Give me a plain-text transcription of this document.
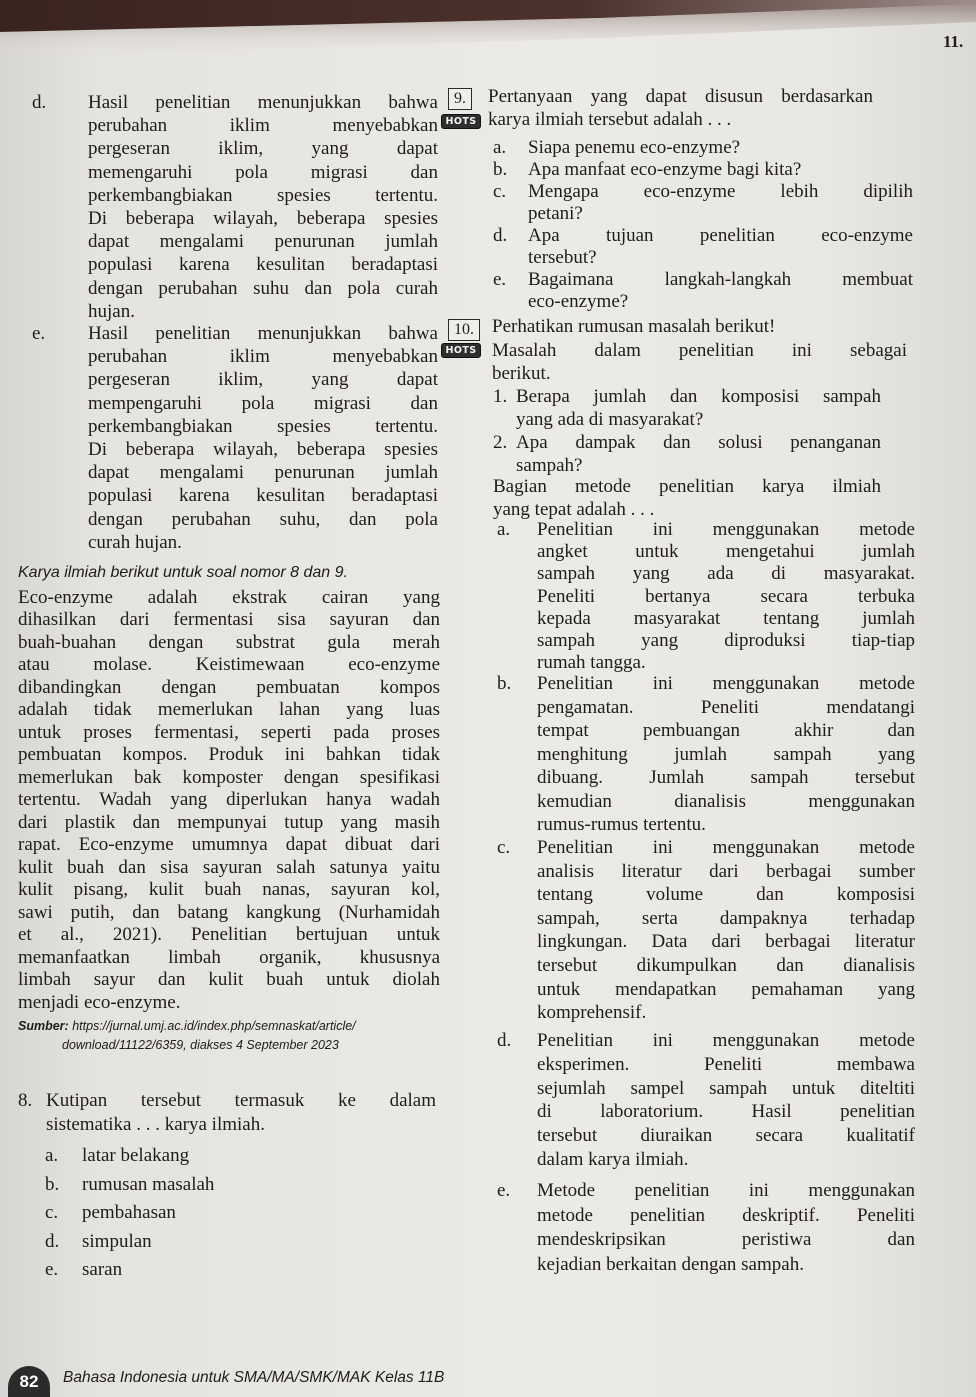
d. Hasil penelitian menunjukkan bahwa
perubahan iklim menyebabkan
pergeseran iklim, yang dapat
memengaruhi pola migrasi dan
perkembangbiakan spesies tertentu.
Di beberapa wilayah, beberapa spesies
dapat mengalami penurunan jumlah
populasi karena kesulitan beradaptasi
dengan perubahan suhu dan pola curah
hujan.
e. Hasil penelitian menunjukkan bahwa
perubahan iklim menyebabkan
pergeseran iklim, yang dapat
mempengaruhi pola migrasi dan
perkembangbiakan spesies tertentu.
Di beberapa wilayah, beberapa spesies
dapat mengalami penurunan jumlah
populasi karena kesulitan beradaptasi
dengan perubahan suhu, dan pola
curah hujan.
Karya ilmiah berikut untuk soal nomor 8 dan 9.
Eco-enzyme adalah ekstrak cairan yang
dihasilkan dari fermentasi sisa sayuran dan
buah-buahan dengan substrat gula merah
atau molase. Keistimewaan eco-enzyme
dibandingkan dengan pembuatan kompos
adalah tidak memerlukan lahan yang luas
untuk proses fermentasi, seperti pada proses
pembuatan kompos. Produk ini bahkan tidak
memerlukan bak komposter dengan spesifikasi
tertentu. Wadah yang diperlukan hanya wadah
dari plastik dan mempunyai tutup yang masih
rapat. Eco-enzyme umumnya dapat dibuat dari
kulit buah dan sisa sayuran salah satunya yaitu
kulit pisang, kulit buah nanas, sayuran kol,
sawi putih, dan batang kangkung (Nurhamidah
et al., 2021). Penelitian bertujuan untuk
memanfaatkan limbah organik, khususnya
limbah sayur dan kulit buah untuk diolah
menjadi eco-enzyme.
Sumber: https://jurnal.umj.ac.id/index.php/semnaskat/article/
download/11122/6359, diakses 4 September 2023
8. Kutipan tersebut termasuk ke dalam
sistematika . . . karya ilmiah.
a.	latar belakang
b.	rumusan masalah
c.	pembahasan
d.	simpulan
e.	saran
11.
9.
HOTS
Pertanyaan yang dapat disusun berdasarkan
karya ilmiah tersebut adalah . . .
a.	Siapa penemu eco-enzyme?
b.	Apa manfaat eco-enzyme bagi kita?
c.	Mengapa eco-enzyme lebih dipilih
petani?
d.	Apa tujuan penelitian eco-enzyme
tersebut?
e.	Bagaimana langkah-langkah membuat
eco-enzyme?
10. Perhatikan rumusan masalah berikut!
HOTS Masalah dalam penelitian ini sebagai
berikut.
1. Berapa jumlah dan komposisi sampah
yang ada di masyarakat?
2. Apa dampak dan solusi penanganan
sampah?
Bagian metode penelitian karya ilmiah
yang tepat adalah . . .
a.	Penelitian ini menggunakan metode
angket untuk mengetahui jumlah
sampah yang ada di masyarakat.
Peneliti bertanya secara terbuka
kepada masyarakat tentang jumlah
sampah yang diproduksi tiap-tiap
rumah tangga.
b.	Penelitian ini menggunakan metode
pengamatan. Peneliti mendatangi
tempat pembuangan akhir dan
menghitung jumlah sampah yang
dibuang. Jumlah sampah tersebut
kemudian dianalisis menggunakan
rumus-rumus tertentu.
c.	Penelitian ini menggunakan metode
analisis literatur dari berbagai sumber
tentang volume dan komposisi
sampah, serta dampaknya terhadap
lingkungan. Data dari berbagai literatur
tersebut dikumpulkan dan dianalisis
untuk mendapatkan pemahaman yang
komprehensif.
d.	Penelitian ini menggunakan metode
eksperimen. Peneliti membawa
sejumlah sampel sampah untuk diteltiti
di laboratorium. Hasil penelitian
tersebut diuraikan secara kualitatif
dalam karya ilmiah.
e.	Metode penelitian ini menggunakan
metode penelitian deskriptif. Peneliti
mendeskripsikan peristiwa dan
kejadian berkaitan dengan sampah.
82	Bahasa Indonesia untuk SMA/MA/SMK/MAK Kelas 11B
